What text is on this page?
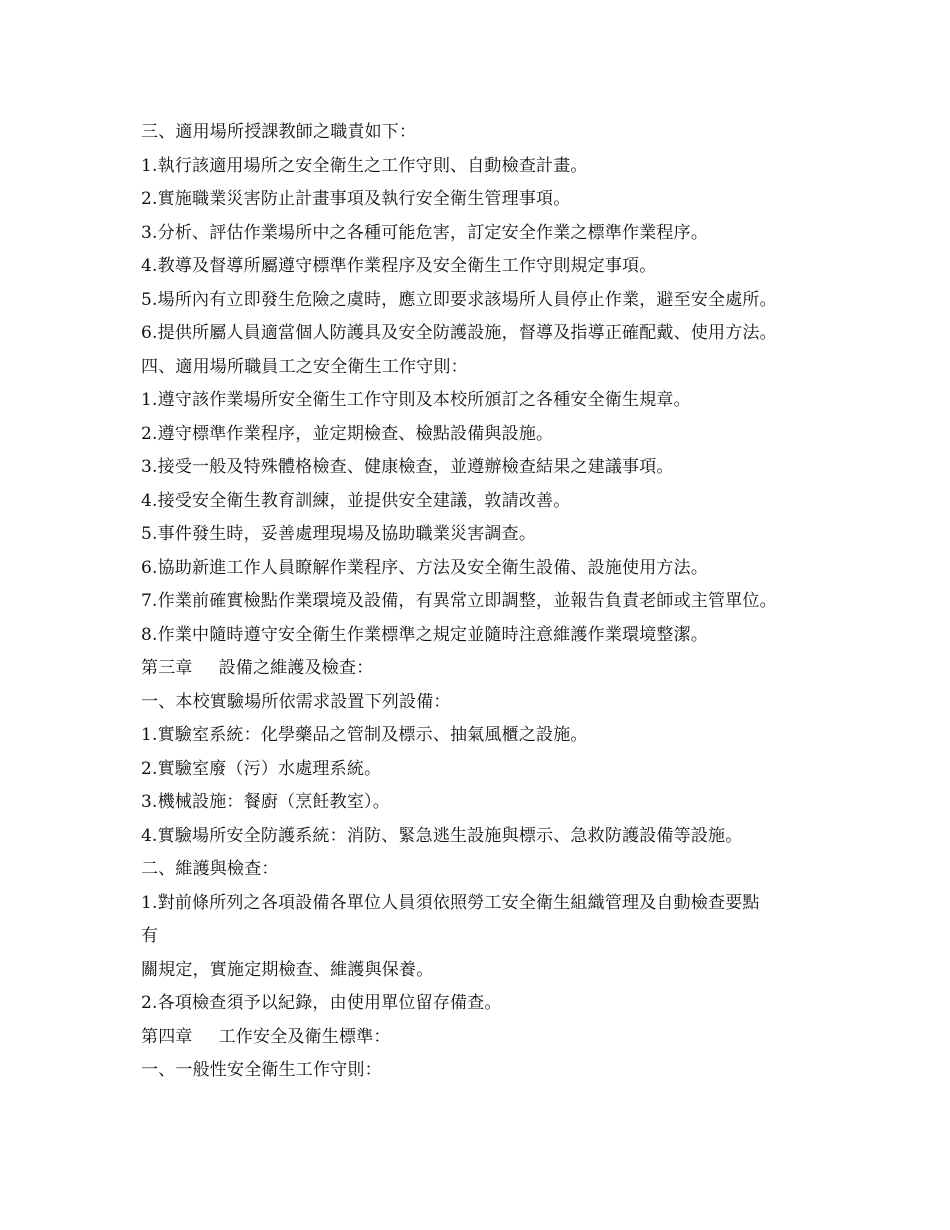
三、適用場所授課教師之職責如下：
1.執行該適用場所之安全衛生之工作守則、自動檢查計畫。
2.實施職業災害防止計畫事項及執行安全衛生管理事項。
3.分析、評估作業場所中之各種可能危害，訂定安全作業之標準作業程序。
4.教導及督導所屬遵守標準作業程序及安全衛生工作守則規定事項。
5.場所內有立即發生危險之虞時，應立即要求該場所人員停止作業，避至安全處所。
6.提供所屬人員適當個人防護具及安全防護設施，督導及指導正確配戴、使用方法。
四、適用場所職員工之安全衛生工作守則：
1.遵守該作業場所安全衛生工作守則及本校所頒訂之各種安全衛生規章。
2.遵守標準作業程序，並定期檢查、檢點設備與設施。
3.接受一般及特殊體格檢查、健康檢查，並遵辦檢查結果之建議事項。
4.接受安全衛生教育訓練，並提供安全建議，敦請改善。
5.事件發生時，妥善處理現場及協助職業災害調查。
6.協助新進工作人員瞭解作業程序、方法及安全衛生設備、設施使用方法。
7.作業前確實檢點作業環境及設備，有異常立即調整，並報告負責老師或主管單位。
8.作業中隨時遵守安全衛生作業標準之規定並隨時注意維護作業環境整潔。
第三章 設備之維護及檢查：
一、本校實驗場所依需求設置下列設備：
1.實驗室系統：化學藥品之管制及標示、抽氣風櫃之設施。
2.實驗室廢（污）水處理系統。
3.機械設施：餐廚（烹飪教室）。
4.實驗場所安全防護系統：消防、緊急逃生設施與標示、急救防護設備等設施。
二、維護與檢查：
1.對前條所列之各項設備各單位人員須依照勞工安全衛生組織管理及自動檢查要點
有
關規定，實施定期檢查、維護與保養。
2.各項檢查須予以紀錄，由使用單位留存備查。
第四章 工作安全及衛生標準：
一、一般性安全衛生工作守則：
